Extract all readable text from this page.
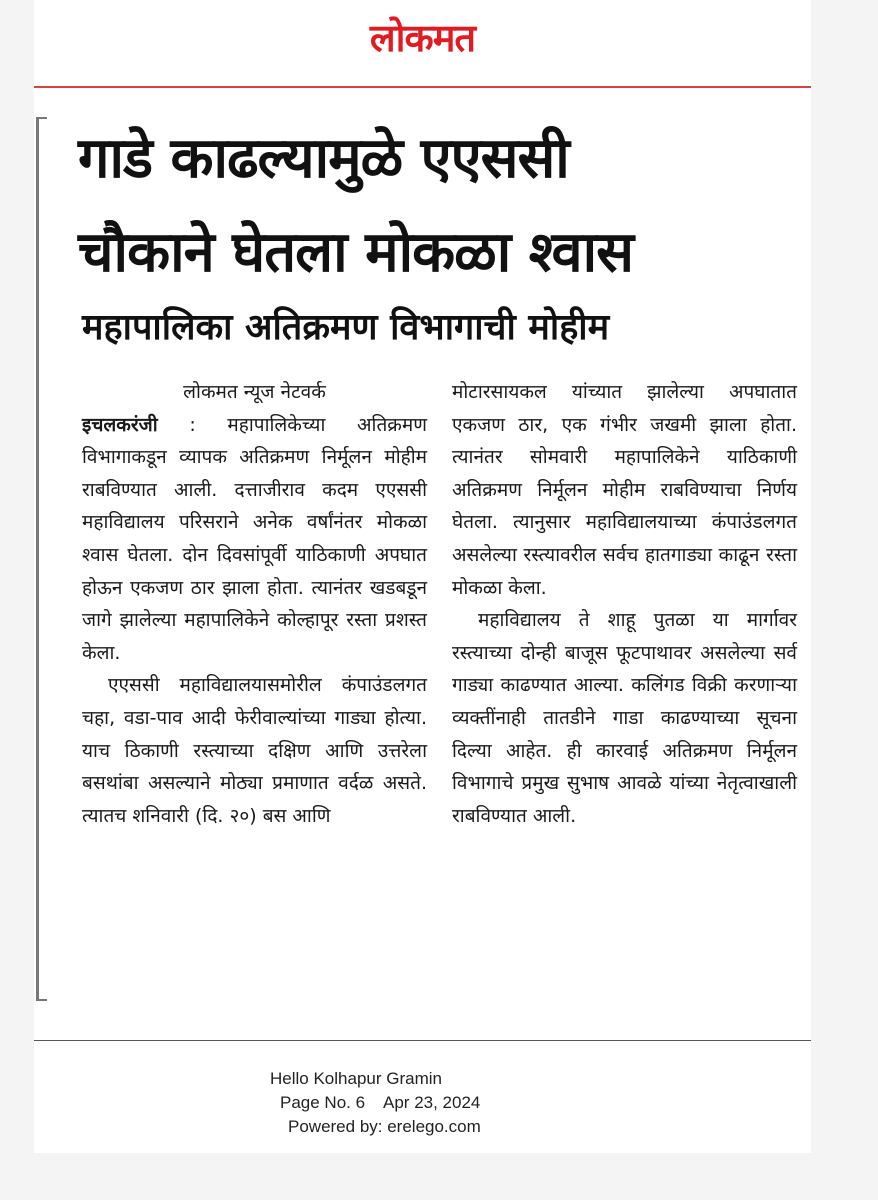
लोकमत
गाडे काढल्यामुळे एएससी
चौकाने घेतला मोकळा श्वास
महापालिका अतिक्रमण विभागाची मोहीम
लोकमत न्यूज नेटवर्क

इचलकरंजी : महापालिकेच्या अतिक्रमण विभागाकडून व्यापक अतिक्रमण निर्मूलन मोहीम राबविण्यात आली. दत्ताजीराव कदम एएससी महाविद्यालय परिसराने अनेक वर्षांनंतर मोकळा श्वास घेतला. दोन दिवसांपूर्वी याठिकाणी अपघात होऊन एकजण ठार झाला होता. त्यानंतर खडबडून जागे झालेल्या महापालिकेने कोल्हापूर रस्ता प्रशस्त केला.

एएससी महाविद्यालयासमोरील कंपाउंडलगत चहा, वडा-पाव आदी फेरीवाल्यांच्या गाड्या होत्या. याच ठिकाणी रस्त्याच्या दक्षिण आणि उत्तरेला बसथांबा असल्याने मोठ्या प्रमाणात वर्दळ असते. त्यातच शनिवारी (दि. २०) बस आणि

मोटारसायकल यांच्यात झालेल्या अपघातात एकजण ठार, एक गंभीर जखमी झाला होता. त्यानंतर सोमवारी महापालिकेने याठिकाणी अतिक्रमण निर्मूलन मोहीम राबविण्याचा निर्णय घेतला. त्यानुसार महाविद्यालयाच्या कंपाउंडलगत असलेल्या रस्त्यावरील सर्वच हातगाड्या काढून रस्ता मोकळा केला.

महाविद्यालय ते शाहू पुतळा या मार्गावर रस्त्याच्या दोन्ही बाजूस फूटपाथावर असलेल्या सर्व गाड्या काढण्यात आल्या. कलिंगड विक्री करणाऱ्या व्यक्तींनाही तातडीने गाडा काढण्याच्या सूचना दिल्या आहेत. ही कारवाई अतिक्रमण निर्मूलन विभागाचे प्रमुख सुभाष आवळे यांच्या नेतृत्वाखाली राबविण्यात आली.

Hello Kolhapur Gramin
Page No. 6    Apr 23, 2024
Powered by: erelego.com
